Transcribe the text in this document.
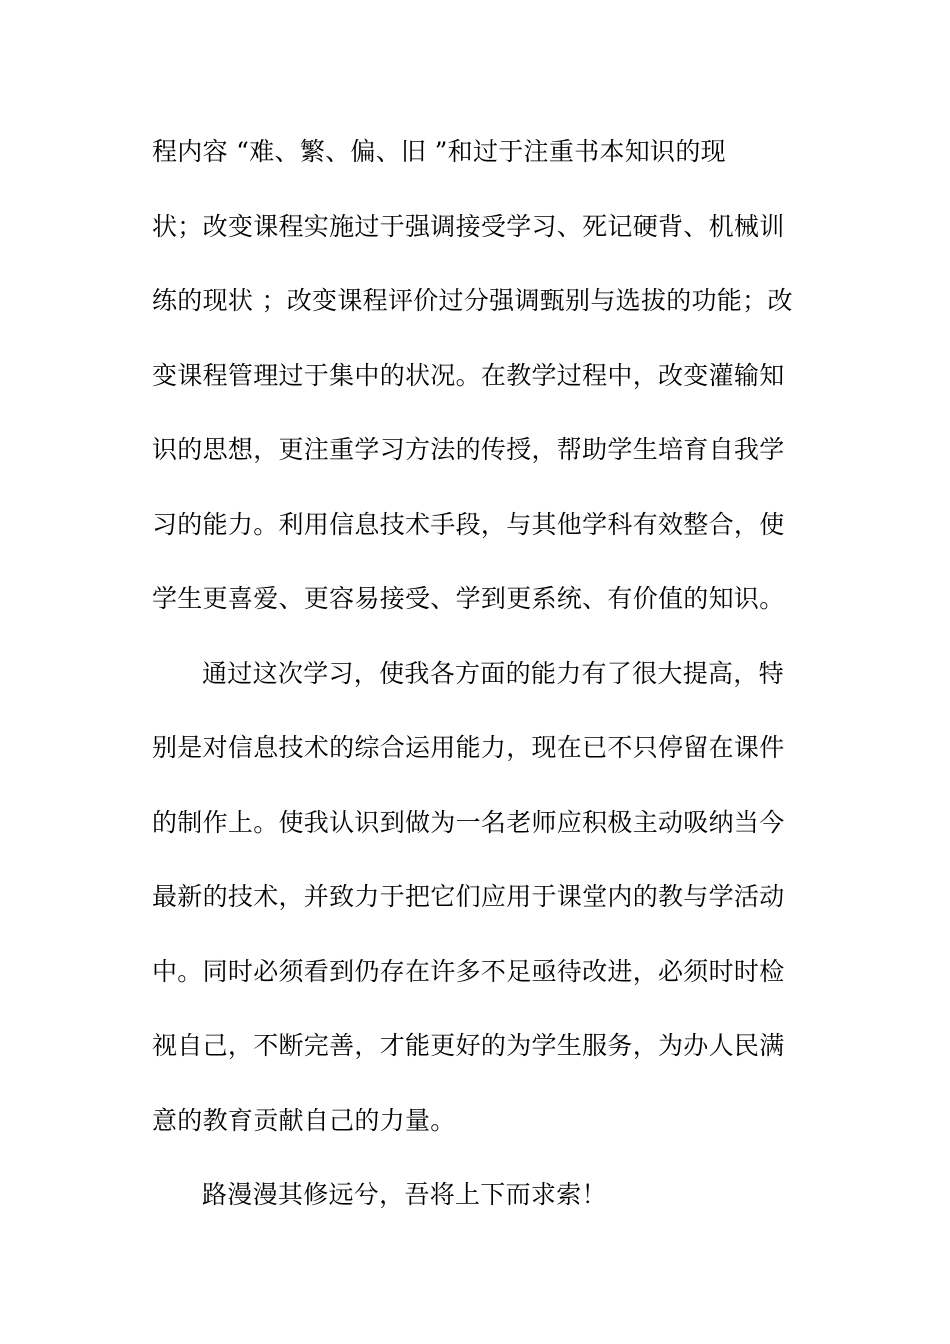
程内容 “难、繁、偏、旧 ”和过于注重书本知识的现
状；改变课程实施过于强调接受学习、死记硬背、机械训
练的现状 ；改变课程评价过分强调甄别与选拔的功能；改
变课程管理过于集中的状况。在教学过程中，改变灌输知
识的思想，更注重学习方法的传授，帮助学生培育自我学
习的能力。利用信息技术手段，与其他学科有效整合，使
学生更喜爱、更容易接受、学到更系统、有价值的知识。
通过这次学习，使我各方面的能力有了很大提高，特
别是对信息技术的综合运用能力，现在已不只停留在课件
的制作上。使我认识到做为一名老师应积极主动吸纳当今
最新的技术，并致力于把它们应用于课堂内的教与学活动
中。同时必须看到仍存在许多不足亟待改进，必须时时检
视自己，不断完善，才能更好的为学生服务，为办人民满
意的教育贡献自己的力量。
路漫漫其修远兮，吾将上下而求索！
